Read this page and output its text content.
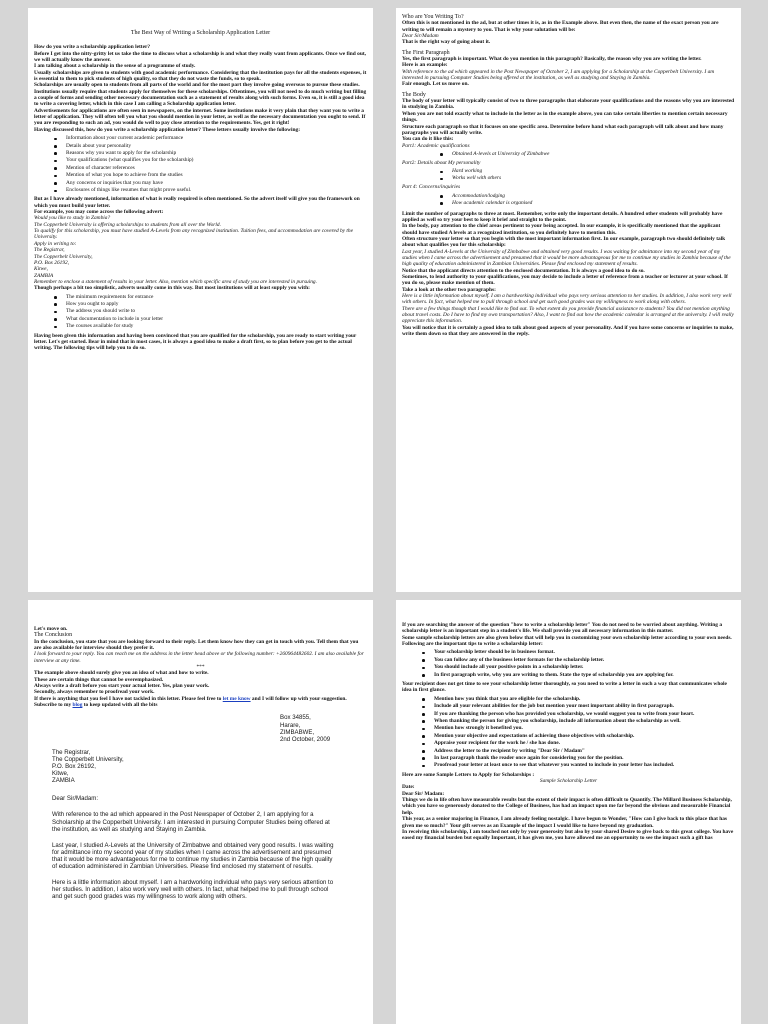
The Best Way of Writing a Scholarship Application Letter

How do you write a scholarship application letter?

Before I get into the nitty-gritty let us take the time to discuss what a scholarship is and what they really want from applicants. Once we find out, we will actually know the answer.

I am talking about a scholarship in the sense of a programme of study.

Usually scholarships are given to students with good academic performance. Considering that the institution pays for all the students expenses, it is essential to them to pick students of high quality, so that they do not waste the funds, so to speak.

Scholarships are usually open to students from all parts of the world and for the most part they involve going overseas to pursue these studies.

Institutions usually require that students apply for themselves for these scholarships. Oftentimes, you will not need to do much writing but filling a couple of forms and sending other necessary documentation such as a statement of results along with such forms. Even so, it is still a good idea to write a covering letter, which in this case I am calling a Scholarship application letter.

Advertisements for applications are often seen in newspapers, on the internet. Some institutions make it very plain that they want you to write a letter of application. They will often tell you what you should mention in your letter, as well as the necessary documentation you ought to send. If you are responding to such an ad, you would do well to pay close attention to the requirements. Yes, get it right!

Having discussed this, how do you write a scholarship application letter? These letters usually involve the following:

Information about your current academic performance
Details about your personality
Reasons why you want to apply for the scholarship
Your qualifications (what qualifies you for the scholarship)
Mention of character references
Mention of what you hope to achieve from the studies
Any concerns or inquiries that you may have
Enclosures of things like resumes that might prove useful.

But as I have already mentioned, information of what is really required is often mentioned. So the advert itself will give you the framework on which you must build your letter.

For example, you may come across the following advert:

Would you like to study in Zambia?

The Copperbelt University is offering scholarships to students from all over the World.

To qualify for this scholarship, you must have studied A-Levels from any recognized institution. Tuition fees, and accommodation are covered by the University.

Apply in writing to:

The Registrar,

The Copperbelt University,

P.O. Box 26192,

Kitwe,

ZAMBIA

Remember to enclose a statement of results in your letter. Also, mention which specific area of study you are interested in pursuing.

Though perhaps a bit too simplistic, adverts usually come in this way. But most institutions will at least supply you with:

The minimum requirements for entrance
How you ought to apply
The address you should write to
What documentation to include in your letter
The courses available for study

Having been given this information and having been convinced that you are qualified for the scholarship, you are ready to start writing your letter. Let's get started. Bear in mind that in most cases, it is always a good idea to make a draft first, so to plan before you get to the actual writing. The following tips will help you to do so.

Who are You Writing To?

Often this is not mentioned in the ad, but at other times it is, as in the Example above. But even then, the name of the exact person you are writing to will remain a mystery to you. That is why your salutation will be:

Dear Sir/Madam

That is the right way of going about it.

The First Paragraph

Yes, the first paragraph is important. What do you mention in this paragraph? Basically, the reason why you are writing the letter.

Here is an example:

With reference to the ad which appeared in the Post Newspaper of October 2, I am applying for a Scholarship at the Copperbelt University. I am interested in pursuing Computer Studies being offered at the institution, as well as studying and Staying in Zambia.

Fair enough. Let us move on.

The Body

The body of your letter will typically consist of two to three paragraphs that elaborate your qualifications and the reasons why you are interested in studying in Zambia.

When you are not told exactly what to include in the letter as in the example above, you can take certain liberties to mention certain necessary things.

Structure each paragraph so that it focuses on one specific area. Determine before hand what each paragraph will talk about and how many paragraphs you will actually write.

You can do it like this:

Part1: Academic qualifications

Obtained A-levels at University of Zimbabwe

Part2: Details about My personality

Hard working
Works well with others

Part 4: Concerns/inquiries

Accommodation/lodging
How academic calendar is organised

Limit the number of paragraphs to three at most. Remember, write only the important details. A hundred other students will probably have applied as well so try your best to keep it brief and straight to the point.

In the body, pay attention to the chief areas pertinent to your being accepted. In our example, it is specifically mentioned that the applicant should have studied A levels at a recognized institution, so you definitely have to mention this.

Often structure your letter so that you begin with the most important information first. In our example, paragraph two should definitely talk about what qualifies you for this scholarship:

Last year, I studied A-Levels at the University of Zimbabwe and obtained very good results. I was waiting for admittance into my second year of my studies when I came across the advertisement and presumed that it would be more advantageous for me to continue my studies in Zambia because of the high quality of education administered in Zambian Universities. Please find enclosed my statement of results.

Notice that the applicant directs attention to the enclosed documentation. It is always a good idea to do so.

Sometimes, to lend authority to your qualifications, you may decide to include a letter of reference from a teacher or lecturer at your school. If you do so, please make mention of them.

Take a look at the other two paragraphs:

Here is a little information about myself. I am a hardworking individual who pays very serious attention to her studies. In addition, I also work very well with others. In fact, what helped me to pull through school and get such good grades was my willingness to work along with others.

There are a few things though that I would like to find out. To what extent do you provide financial assistance to students? You did not mention anything about travel costs. Do I have to find my own transportation? Also, I want to find out how the academic calendar is arranged at the university. I will really appreciate this information.

You will notice that it is certainly a good idea to talk about good aspects of your personality. And if you have some concerns or inquiries to make, write them down so that they are answered in the reply.

Let's move on.

The Conclusion

In the conclusion, you state that you are looking forward to their reply. Let them know how they can get in touch with you. Tell them that you are also available for interview should they prefer it.

I look forward to your reply. You can reach me on the address in the letter head above or the following number: +260964482602. I am also available for interview at any time.

***

The example above should surely give you an idea of what and how to write.

These are certain things that cannot be overemphasized.

Always write a draft before you start your actual letter. Yes, plan your work.

Secondly, always remember to proofread your work.

If there is anything that you feel I have not tackled in this letter. Please feel free to let me know and I will follow up with your suggestion.

Subscribe to my blog to keep updated with all the bits

Box 34855,

Harare,

ZIMBABWE,

2nd October, 2009

The Registrar,

The Copperbelt University,

P.O. Box 26192,

Kitwe,

ZAMBIA

Dear Sir/Madam:

With reference to the ad which appeared in the Post Newspaper of October 2, I am applying for a Scholarship at the Copperbelt University. I am interested in pursuing Computer Studies being offered at the institution, as well as studying and Staying in Zambia.

Last year, I studied A-Levels at the University of Zimbabwe and obtained very good results. I was waiting for admittance into my second year of my studies when I came across the advertisement and presumed that it would be more advantageous for me to continue my studies in Zambia because of the high quality of education administered in Zambian Universities. Please find enclosed my statement of results.

Here is a little information about myself. I am a hardworking individual who pays very serious attention to her studies. In addition, I also work very well with others. In fact, what helped me to pull through school and get such good grades was my willingness to work along with others.

If you are searching the answer of the question "how to write a scholarship letter" You do not need to be worried about anything. Writing a scholarship letter is an important step in a student's life. We shall provide you all necessary information in this matter.

Some sample scholarship letters are also given below that will help you in customizing your own scholarship letter according to your own needs. Following are the important tips to write a scholarship letter:

Your scholarship letter should be in business format.
You can follow any of the business letter formats for the scholarship letter.
You should include all your positive points in a scholarship letter.
In first paragraph write, why you are writing to them. State the type of scholarship you are applying for.

Your recipient does not get time to see your scholarship letter thoroughly, so you need to write a letter in such a way that communicates whole idea in first glance.

Mention how you think that you are eligible for the scholarship.
Include all your relevant abilities for the job but mention your most important ability in first paragraph.
If you are thanking the person who has provided you scholarship, we would suggest you to write from your heart.
When thanking the person for giving you scholarship, include all information about the scholarship as well.
Mention how strongly it benefited you.
Mention your objective and expectations of achieving those objectives with scholarship.
Appraise your recipient for the work he / she has done.
Address the letter to the recipient by writing "Dear Sir / Madam"
In last paragraph thank the reader once again for considering you for the position.
Proofread your letter at least once to see that whatever you wanted to include in your letter has included.

Here are some Sample Letters to Apply for Scholarships :

Sample Scholarship Letter

Date:

Dear Sir/ Madam:

Things we do in life often have measurable results but the extent of their impact is often difficult to Quantify. The Millard Business Scholarship, which you have so generously donated to the College of Business, has had an impact upon me far beyond the obvious and measurable Financial help.

This year, as a senior majoring in Finance, I am already feeling nostalgic. I have begun to Wonder, "How can I give back to this place that has given me so much?" Your gift serves as an Example of the impact I would like to have beyond my graduation.

In receiving this scholarship, I am touched not only by your generosity but also by your shared Desire to give back to this great college. You have eased my financial burden but equally Important, it has given me, you have allowed me an opportunity to see the impact such a gift has
